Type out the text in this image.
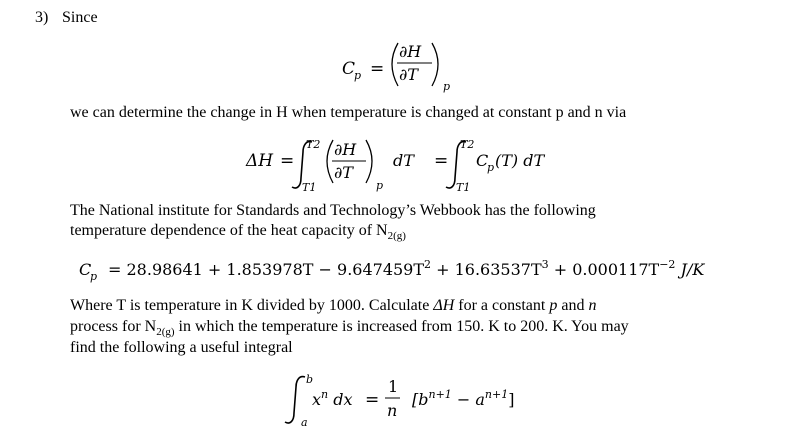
3) Since
C
p =
∂H
∂T
p
we can determine the change in H when temperature is changed at constant p and n via
ΔH =
T2
T1
∂H
∂T
p
dT =
T2
T1
C
p (T) dT
The National institute for Standards and Technology’s Webbook has the following
temperature dependence of the heat capacity of $N_{2(g)}$
C
$p = 28.98641 + 1.853978T - 9.647459T^2 + 16.63537T^3 + 0.000117T^{-2}$ J/K
Where T is temperature in K divided by 1000. Calculate ΔH for a constant p and n
process for $N_{2(g)}$ in which the temperature is increased from 150. K to 200. K. You may
find the following a useful integral
b
a
$x^n$ dx =
1
n
$[b^{n+1} - a^{n+1}]$
